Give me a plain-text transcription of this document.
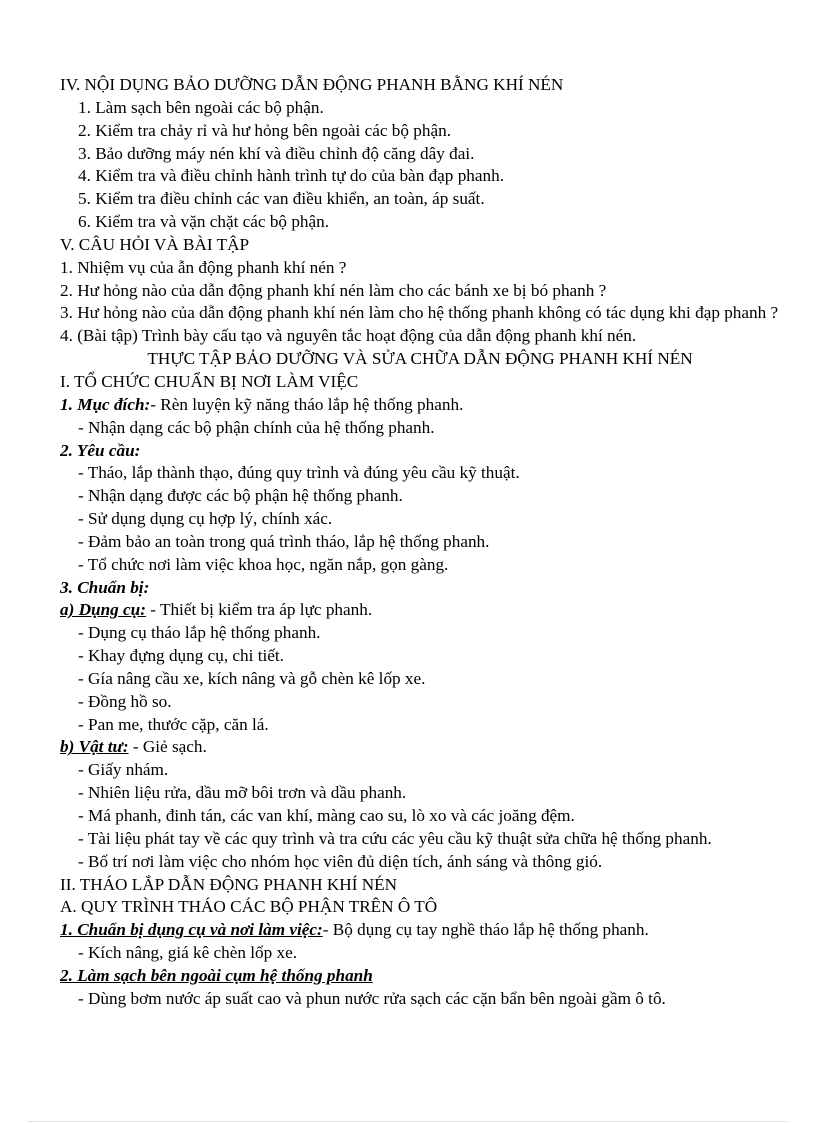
IV. NỘI DỤNG BẢO DƯỠNG DẪN ĐỘNG PHANH BẰNG KHÍ NÉN
1. Làm sạch bên ngoài các bộ phận.
2. Kiểm tra chảy rỉ và hư hỏng bên ngoài các bộ phận.
3. Bảo dưỡng máy nén khí và điều chỉnh độ căng dây đai.
4. Kiểm tra và điều chỉnh hành trình tự do của bàn đạp phanh.
5. Kiểm tra điều chỉnh các van điều khiển, an toàn, áp suất.
6. Kiểm tra và vặn chặt các bộ phận.
V. CÂU HỎI VÀ BÀI TẬP
1. Nhiệm vụ của ẫn động phanh khí nén ?
2. Hư hỏng nào của dẫn động phanh khí nén làm cho các bánh xe bị bó phanh ?
3. Hư hỏng nào của dẫn động phanh khí nén làm cho hệ thống phanh không có tác dụng khi đạp phanh ?
4. (Bài tập) Trình bày cấu tạo và nguyên tắc hoạt động của dẫn động phanh khí nén.
THỰC TẬP BẢO DƯỠNG VÀ SỬA CHỮA DẪN ĐỘNG PHANH KHÍ NÉN
I. TỔ CHỨC CHUẨN BỊ NƠI LÀM VIỆC
1. Mục đích:- Rèn luyện kỹ năng tháo lắp hệ thống phanh.
- Nhận dạng các bộ phận chính của hệ thống phanh.
2. Yêu cầu:
- Tháo, lắp thành thạo, đúng quy trình và đúng yêu cầu kỹ thuật.
- Nhận dạng được các bộ phận hệ thống phanh.
- Sử dụng dụng cụ hợp lý, chính xác.
- Đảm bảo an toàn trong quá trình tháo, lắp hệ thống phanh.
- Tổ chức nơi làm việc khoa học, ngăn nắp, gọn gàng.
3. Chuẩn bị:
a) Dụng cụ: - Thiết bị kiểm tra áp lực phanh.
- Dụng cụ tháo lắp hệ thống phanh.
- Khay đựng dụng cụ, chi tiết.
- Gía nâng cầu xe, kích nâng và gỗ chèn kê lốp xe.
- Đồng hồ so.
- Pan me, thước cặp, căn lá.
b) Vật tư: - Giẻ sạch.
- Giấy nhám.
- Nhiên liệu rửa, dầu mỡ bôi trơn và dầu phanh.
- Má phanh, đinh tán, các van khí, màng cao su, lò xo và các joăng đệm.
- Tài liệu phát tay về các quy trình và tra cứu các yêu cầu kỹ thuật sửa chữa hệ thống phanh.
- Bố trí nơi làm việc cho nhóm học viên đủ diện tích, ánh sáng và thông gió.
II. THÁO LẮP DẪN ĐỘNG PHANH KHÍ NÉN
A. QUY TRÌNH THÁO CÁC BỘ PHẬN TRÊN Ô TÔ
1. Chuẩn bị dụng cụ và nơi làm việc:- Bộ dụng cụ tay nghề tháo lắp hệ thống phanh.
- Kích nâng, giá kê chèn lốp xe.
2. Làm sạch bên ngoài cụm hệ thống phanh
- Dùng bơm nước áp suất cao và phun nước rửa sạch các cặn bẩn bên ngoài gầm ô tô.
